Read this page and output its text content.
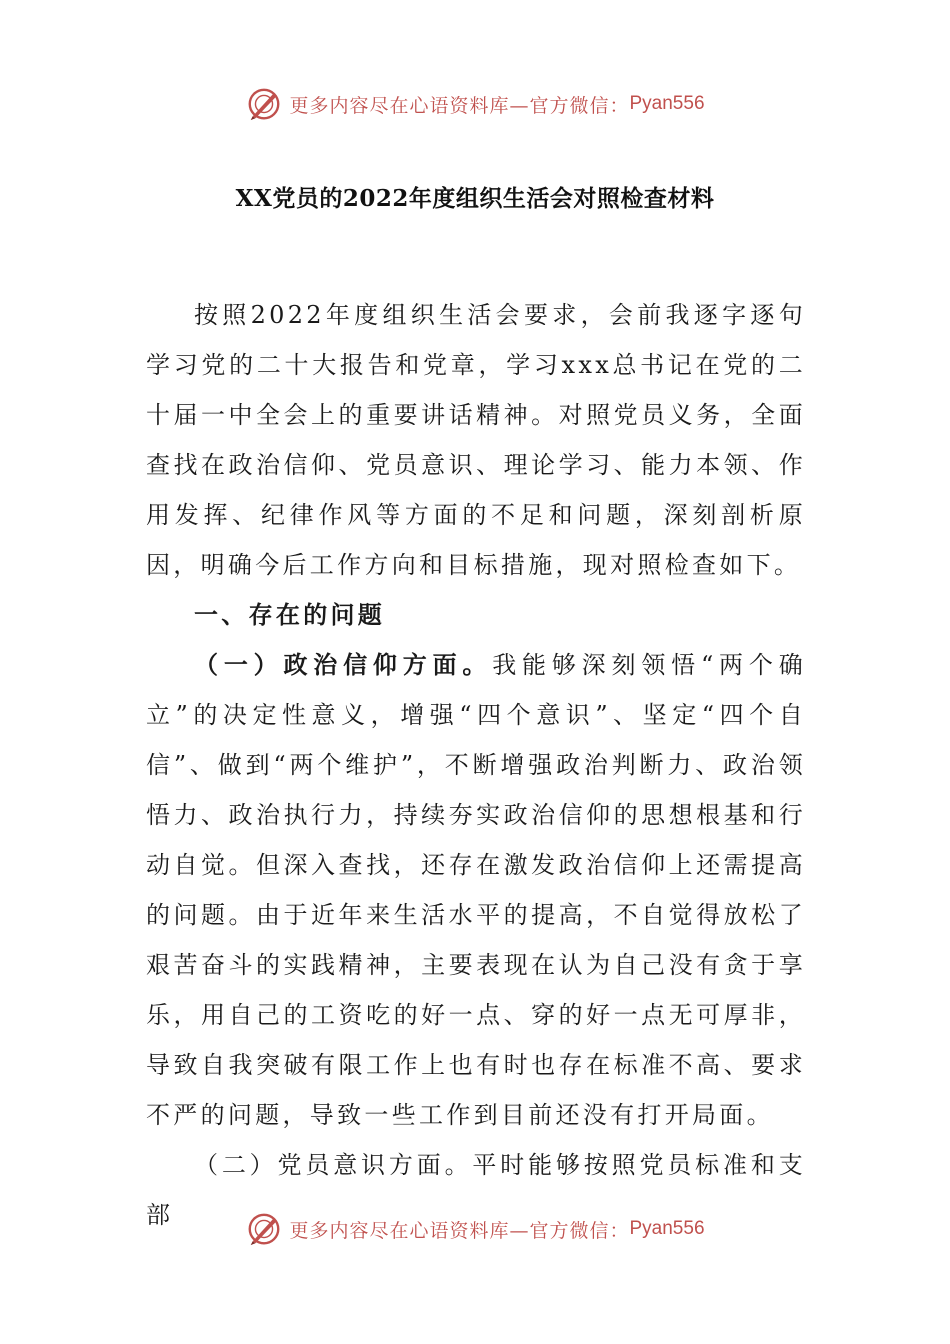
更多内容尽在心语资料库—官方微信： Pyan556
XX党员的2022年度组织生活会对照检查材料

按照2022年度组织生活会要求，会前我逐字逐句学习党的二十大报告和党章，学习xxx总书记在党的二十届一中全会上的重要讲话精神。对照党员义务，全面查找在政治信仰、党员意识、理论学习、能力本领、作用发挥、纪律作风等方面的不足和问题，深刻剖析原因，明确今后工作方向和目标措施，现对照检查如下。

一、存在的问题

（一）政治信仰方面。我能够深刻领悟“两个确立”的决定性意义，增强“四个意识”、坚定“四个自信”、做到“两个维护”，不断增强政治判断力、政治领悟力、政治执行力，持续夯实政治信仰的思想根基和行动自觉。但深入查找，还存在激发政治信仰上还需提高的问题。由于近年来生活水平的提高，不自觉得放松了艰苦奋斗的实践精神，主要表现在认为自己没有贪于享乐，用自己的工资吃的好一点、穿的好一点无可厚非，导致自我突破有限工作上也有时也存在标准不高、要求不严的问题，导致一些工作到目前还没有打开局面。

（二）党员意识方面。平时能够按照党员标准和支部

更多内容尽在心语资料库—官方微信： Pyan556
